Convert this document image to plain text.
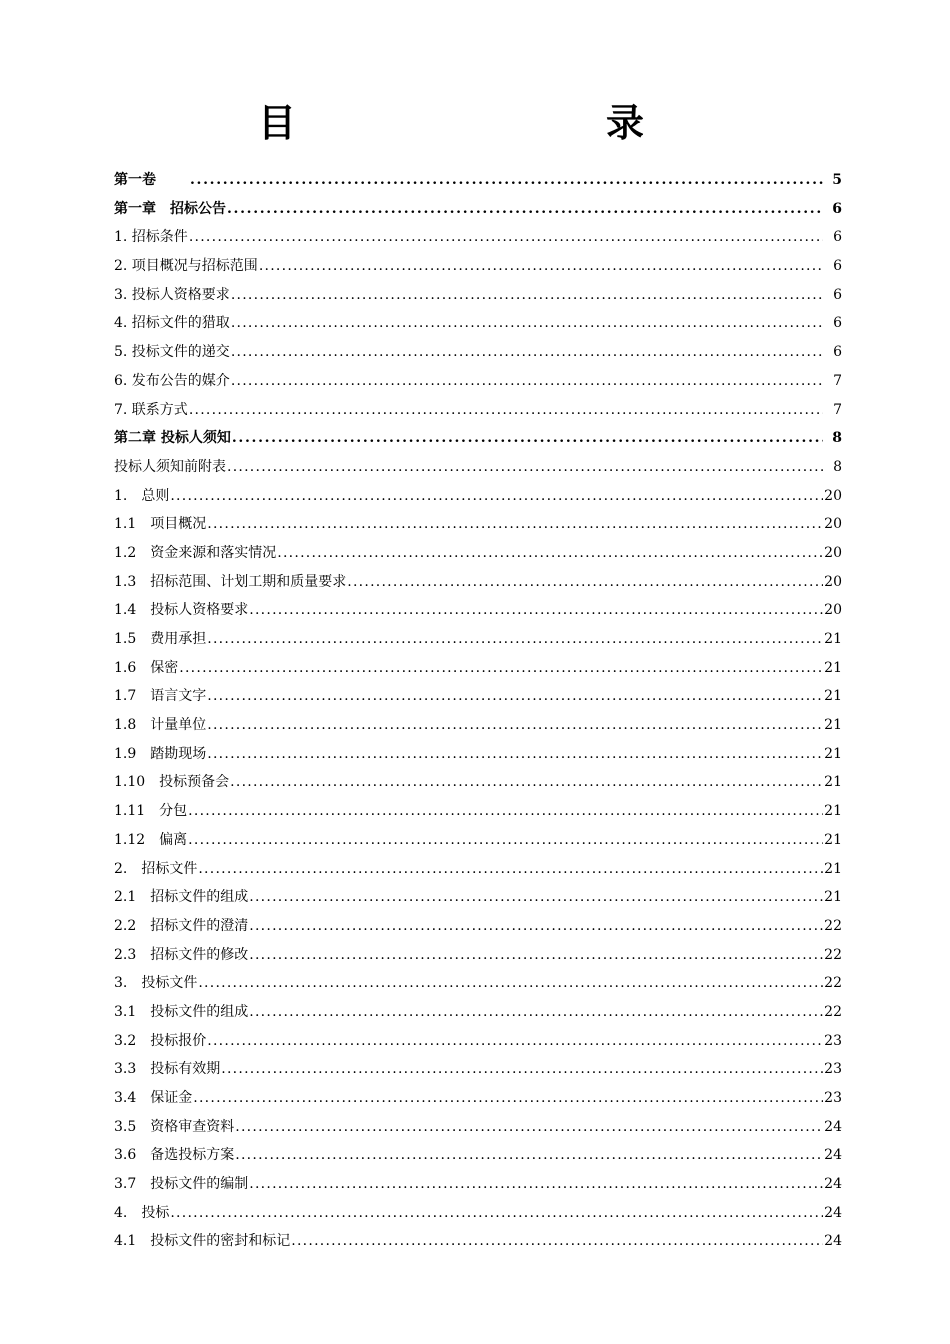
目　　录
第一卷 . . .	5
第一章　招标公告 . . .	6
1. 招标条件 . . .	6
2. 项目概况与招标范围 . . .	6
3. 投标人资格要求 . . .	6
4. 招标文件的猎取 . . .	6
5. 投标文件的递交 . . .	6
6. 发布公告的媒介 . . .	7
7. 联系方式 . . .	7
第二章 投标人须知 . . .	8
投标人须知前附表 . . .	8
1.　总则 . . .	20
1.1　项目概况 . . .	20
1.2　资金来源和落实情况 . . .	20
1.3　招标范围、计划工期和质量要求 . . .	20
1.4　投标人资格要求 . . .	20
1.5　费用承担 . . .	21
1.6　保密 . . .	21
1.7　语言文字 . . .	21
1.8　计量单位 . . .	21
1.9　踏勘现场 . . .	21
1.10　投标预备会 . . .	21
1.11　分包 . . .	21
1.12　偏离 . . .	21
2.　招标文件 . . .	21
2.1　招标文件的组成 . . .	21
2.2　招标文件的澄清 . . .	22
2.3　招标文件的修改 . . .	22
3.　投标文件 . . .	22
3.1　投标文件的组成 . . .	22
3.2　投标报价 . . .	23
3.3　投标有效期 . . .	23
3.4　保证金 . . .	23
3.5　资格审查资料 . . .	24
3.6　备选投标方案 . . .	24
3.7　投标文件的编制 . . .	24
4.　投标 . . .	24
4.1　投标文件的密封和标记 . . .	24
